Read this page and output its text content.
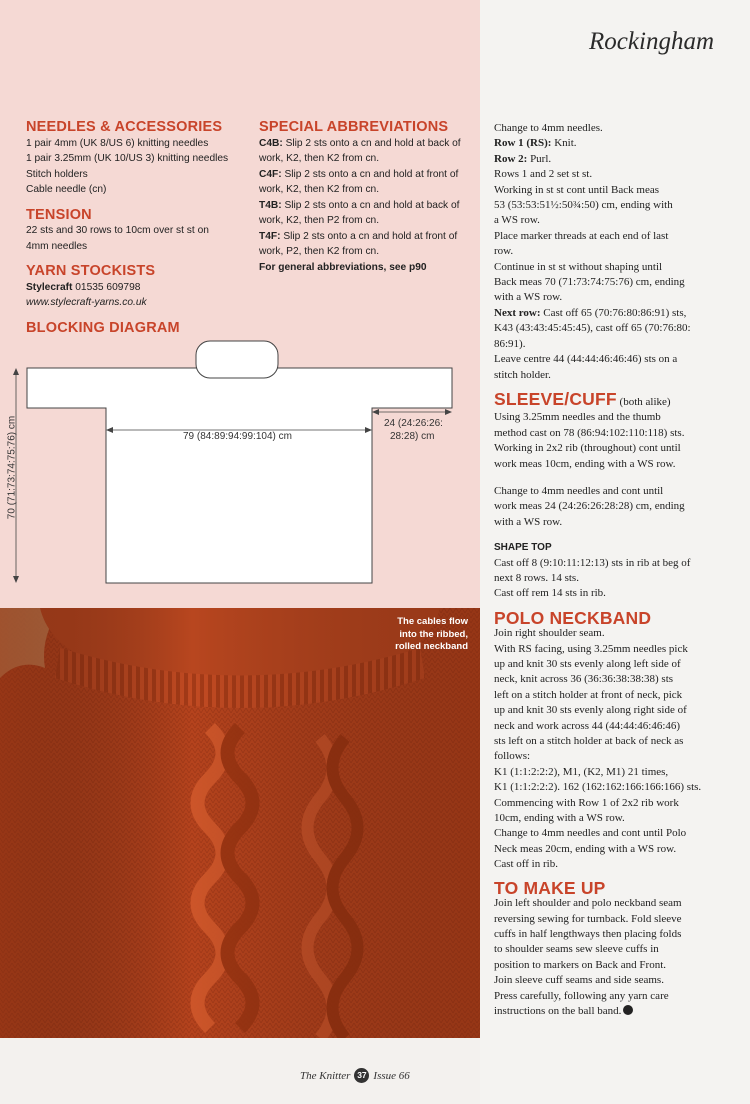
Rockingham
NEEDLES & ACCESSORIES
1 pair 4mm (UK 8/US 6) knitting needles
1 pair 3.25mm (UK 10/US 3) knitting needles
Stitch holders
Cable needle (cn)
TENSION
22 sts and 30 rows to 10cm over st st on
4mm needles
YARN STOCKISTS
Stylecraft 01535 609798
www.stylecraft-yarns.co.uk
BLOCKING DIAGRAM
SPECIAL ABBREVIATIONS
C4B: Slip 2 sts onto a cn and hold at back of
work, K2, then K2 from cn.
C4F: Slip 2 sts onto a cn and hold at front of
work, K2, then K2 from cn.
T4B: Slip 2 sts onto a cn and hold at back of
work, K2, then P2 from cn.
T4F: Slip 2 sts onto a cn and hold at front of
work, P2, then K2 from cn.
For general abbreviations, see p90
79 (84:89:94:99:104) cm
24 (24:26:26:
28:28) cm
70 (71:73:74:75:76) cm
The cables flow
into the ribbed,
rolled neckband
Change to 4mm needles.
Row 1 (RS): Knit.
Row 2: Purl.
Rows 1 and 2 set st st.
Working in st st cont until Back meas
53 (53:53:51½:50¾:50) cm, ending with
a WS row.
Place marker threads at each end of last
row.
Continue in st st without shaping until
Back meas 70 (71:73:74:75:76) cm, ending
with a WS row.
Next row: Cast off 65 (70:76:80:86:91) sts,
K43 (43:43:45:45:45), cast off 65 (70:76:80:
86:91).
Leave centre 44 (44:44:46:46:46) sts on a
stitch holder.
SLEEVE/CUFF (both alike)
Using 3.25mm needles and the thumb
method cast on 78 (86:94:102:110:118) sts.
Working in 2x2 rib (throughout) cont until
work meas 10cm, ending with a WS row.
Change to 4mm needles and cont until
work meas 24 (24:26:26:28:28) cm, ending
with a WS row.
SHAPE TOP
Cast off 8 (9:10:11:12:13) sts in rib at beg of
next 8 rows. 14 sts.
Cast off rem 14 sts in rib.
POLO NECKBAND
Join right shoulder seam.
With RS facing, using 3.25mm needles pick
up and knit 30 sts evenly along left side of
neck, knit across 36 (36:36:38:38:38) sts
left on a stitch holder at front of neck, pick
up and knit 30 sts evenly along right side of
neck and work across 44 (44:44:46:46:46)
sts left on a stitch holder at back of neck as
follows:
K1 (1:1:2:2:2), M1, (K2, M1) 21 times,
K1 (1:1:2:2:2). 162 (162:162:166:166:166) sts.
Commencing with Row 1 of 2x2 rib work
10cm, ending with a WS row.
Change to 4mm needles and cont until Polo
Neck meas 20cm, ending with a WS row.
Cast off in rib.
TO MAKE UP
Join left shoulder and polo neckband seam
reversing sewing for turnback. Fold sleeve
cuffs in half lengthways then placing folds
to shoulder seams sew sleeve cuffs in
position to markers on Back and Front.
Join sleeve cuff seams and side seams.
Press carefully, following any yarn care
instructions on the ball band.
The Knitter 37 Issue 66
